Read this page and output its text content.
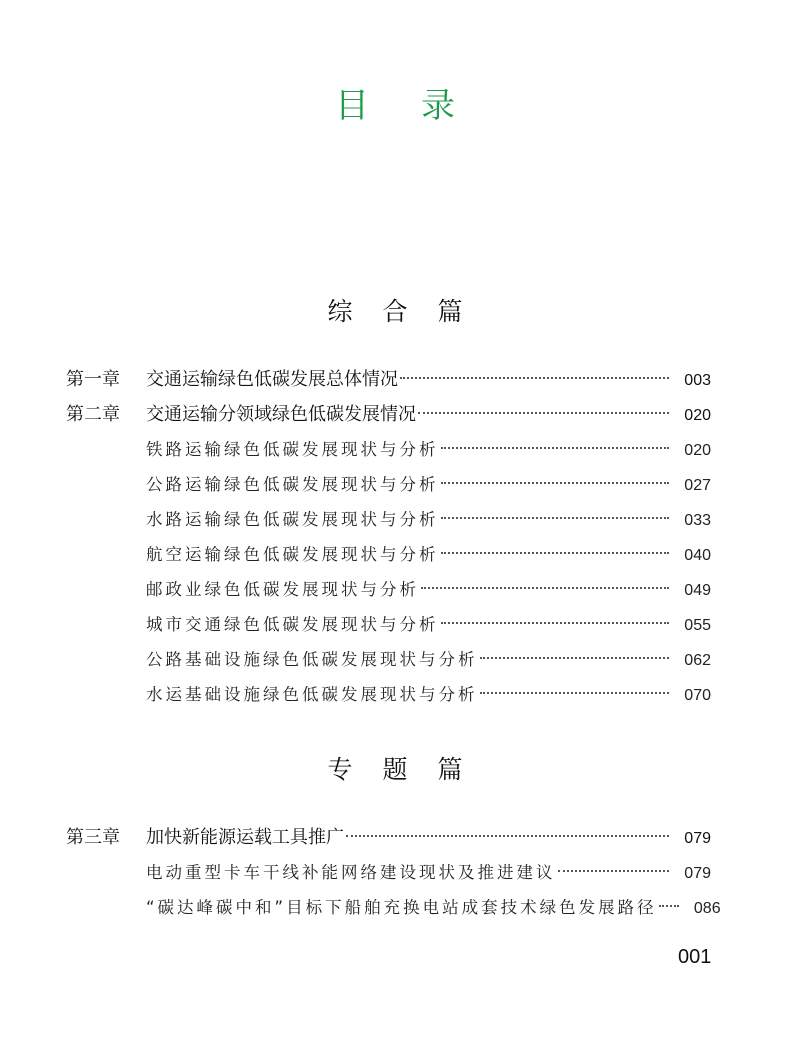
目录
综合篇
第一章	交通运输绿色低碳发展总体情况	003
第二章	交通运输分领域绿色低碳发展情况	020
铁路运输绿色低碳发展现状与分析	020
公路运输绿色低碳发展现状与分析	027
水路运输绿色低碳发展现状与分析	033
航空运输绿色低碳发展现状与分析	040
邮政业绿色低碳发展现状与分析	049
城市交通绿色低碳发展现状与分析	055
公路基础设施绿色低碳发展现状与分析	062
水运基础设施绿色低碳发展现状与分析	070
专题篇
第三章	加快新能源运载工具推广	079
电动重型卡车干线补能网络建设现状及推进建议	079
“碳达峰碳中和”目标下船舶充换电站成套技术绿色发展路径	086
001
